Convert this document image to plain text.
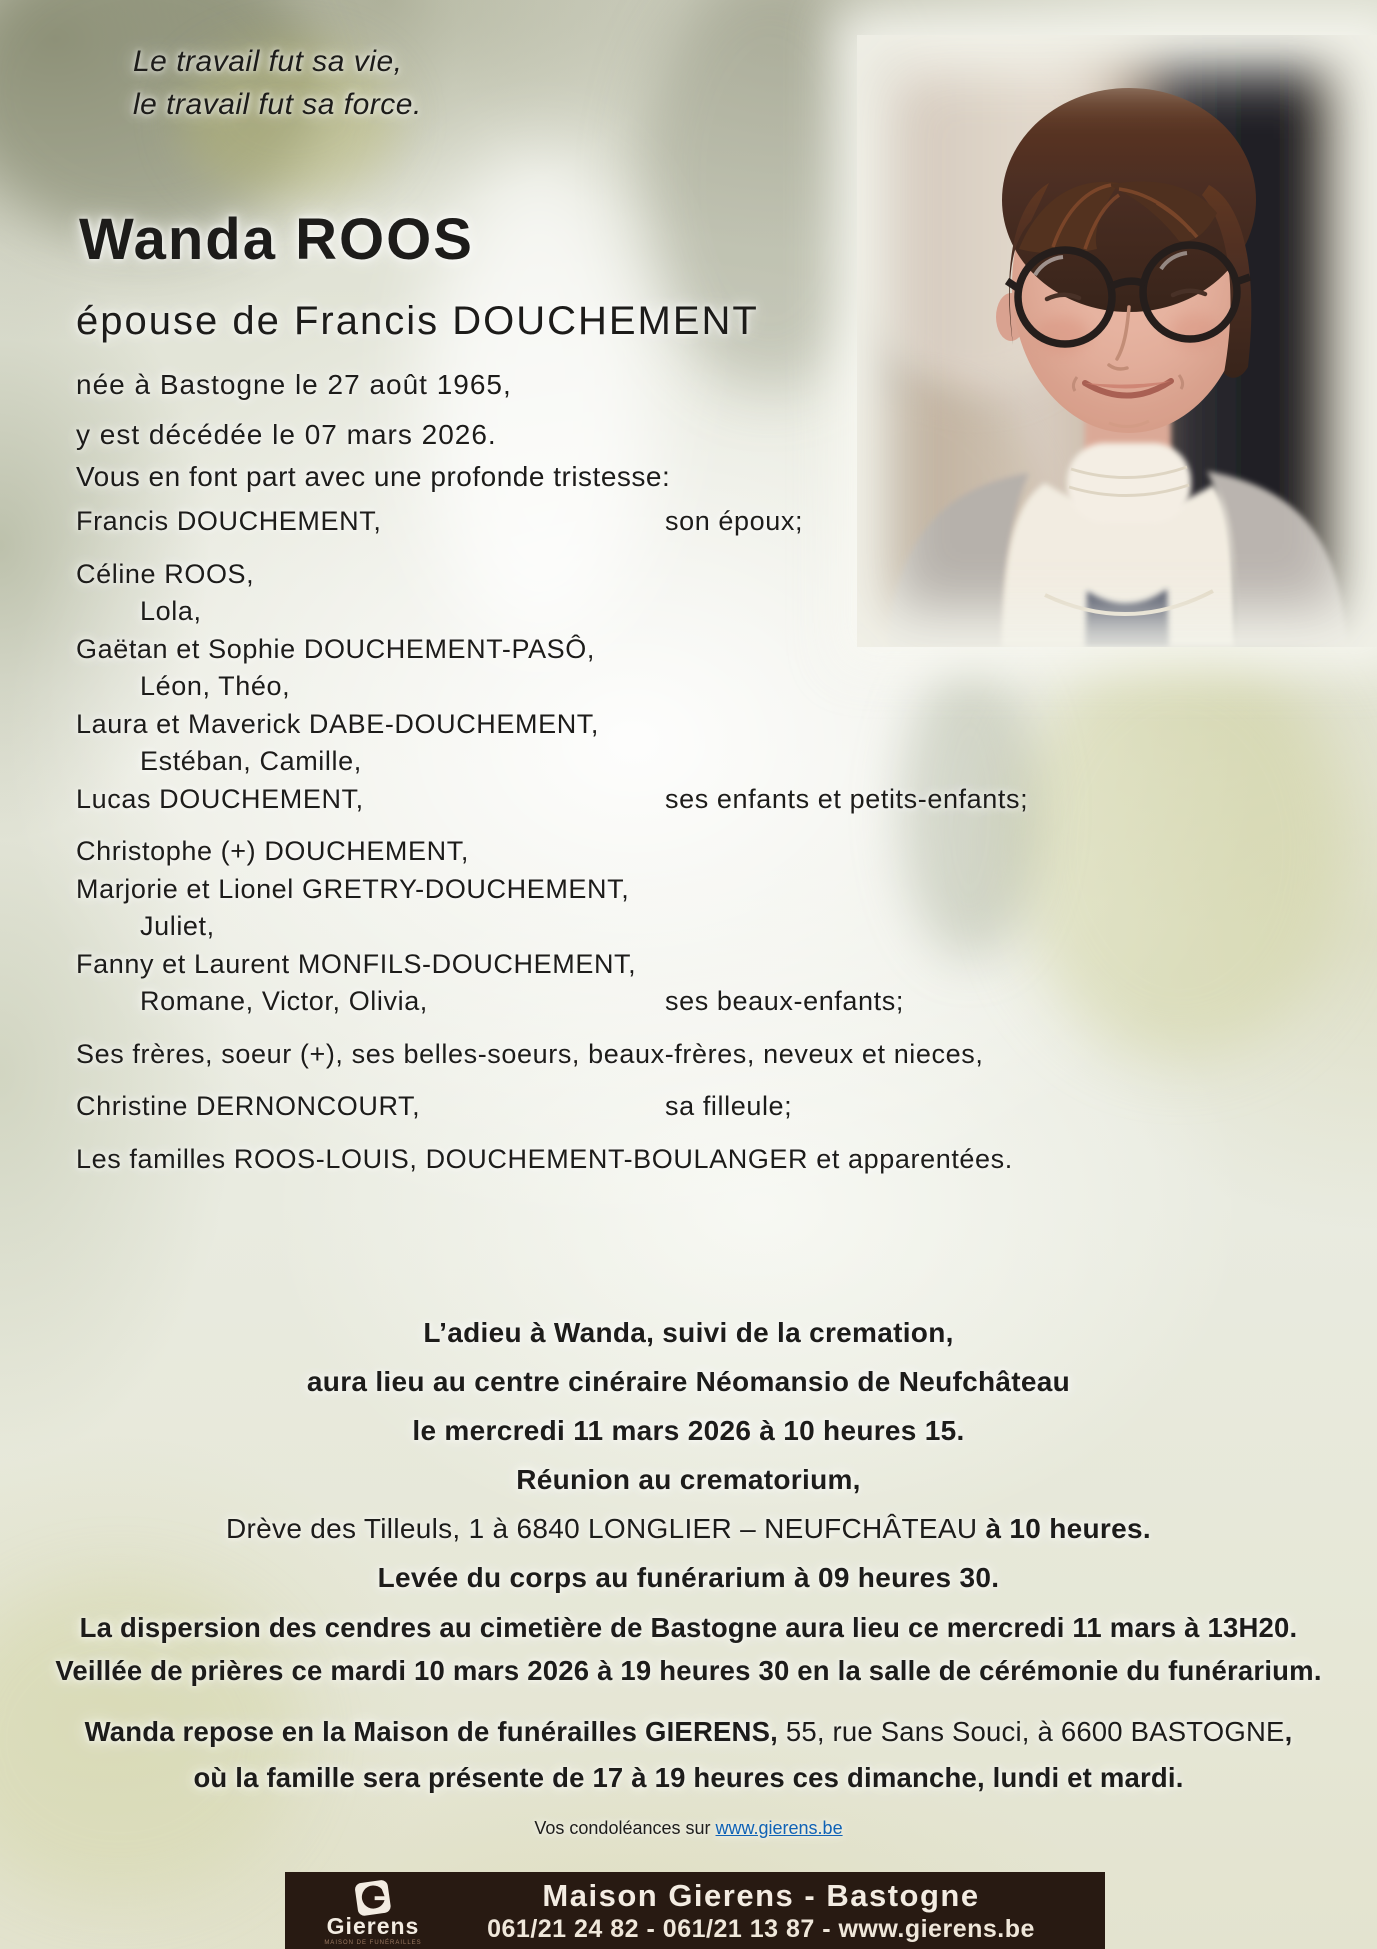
Le travail fut sa vie,
le travail fut sa force.
Wanda ROOS
épouse de Francis DOUCHEMENT
née à Bastogne le 27 août 1965,
y est décédée le 07 mars 2026.
Vous en font part avec une profonde tristesse:
Francis DOUCHEMENT,	son époux;
Céline ROOS,
Lola,
Gaëtan et Sophie DOUCHEMENT-PASÔ,
Léon, Théo,
Laura et Maverick DABE-DOUCHEMENT,
Estéban, Camille,
Lucas DOUCHEMENT,	ses enfants et petits-enfants;
Christophe (+) DOUCHEMENT,
Marjorie et Lionel GRETRY-DOUCHEMENT,
Juliet,
Fanny et Laurent MONFILS-DOUCHEMENT,
Romane, Victor, Olivia,	ses beaux-enfants;
Ses frères, soeur (+), ses belles-soeurs, beaux-frères, neveux et nieces,
Christine DERNONCOURT,	sa filleule;
Les familles ROOS-LOUIS, DOUCHEMENT-BOULANGER et apparentées.
L’adieu à Wanda, suivi de la cremation,
aura lieu au centre cinéraire Néomansio de Neufchâteau
le mercredi 11 mars 2026 à 10 heures 15.
Réunion au crematorium,
Drève des Tilleuls, 1 à 6840 LONGLIER – NEUFCHÂTEAU à 10 heures.
Levée du corps au funérarium à 09 heures 30.
La dispersion des cendres au cimetière de Bastogne aura lieu ce mercredi 11 mars à 13H20.
Veillée de prières ce mardi 10 mars 2026 à 19 heures 30 en la salle de cérémonie du funérarium.
Wanda repose en la Maison de funérailles GIERENS, 55, rue Sans Souci, à 6600 BASTOGNE,
où la famille sera présente de 17 à 19 heures ces dimanche, lundi et mardi.
Vos condoléances sur www.gierens.be
Gierens
MAISON DE FUNÉRAILLES
Maison Gierens - Bastogne
061/21 24 82 - 061/21 13 87 - www.gierens.be
